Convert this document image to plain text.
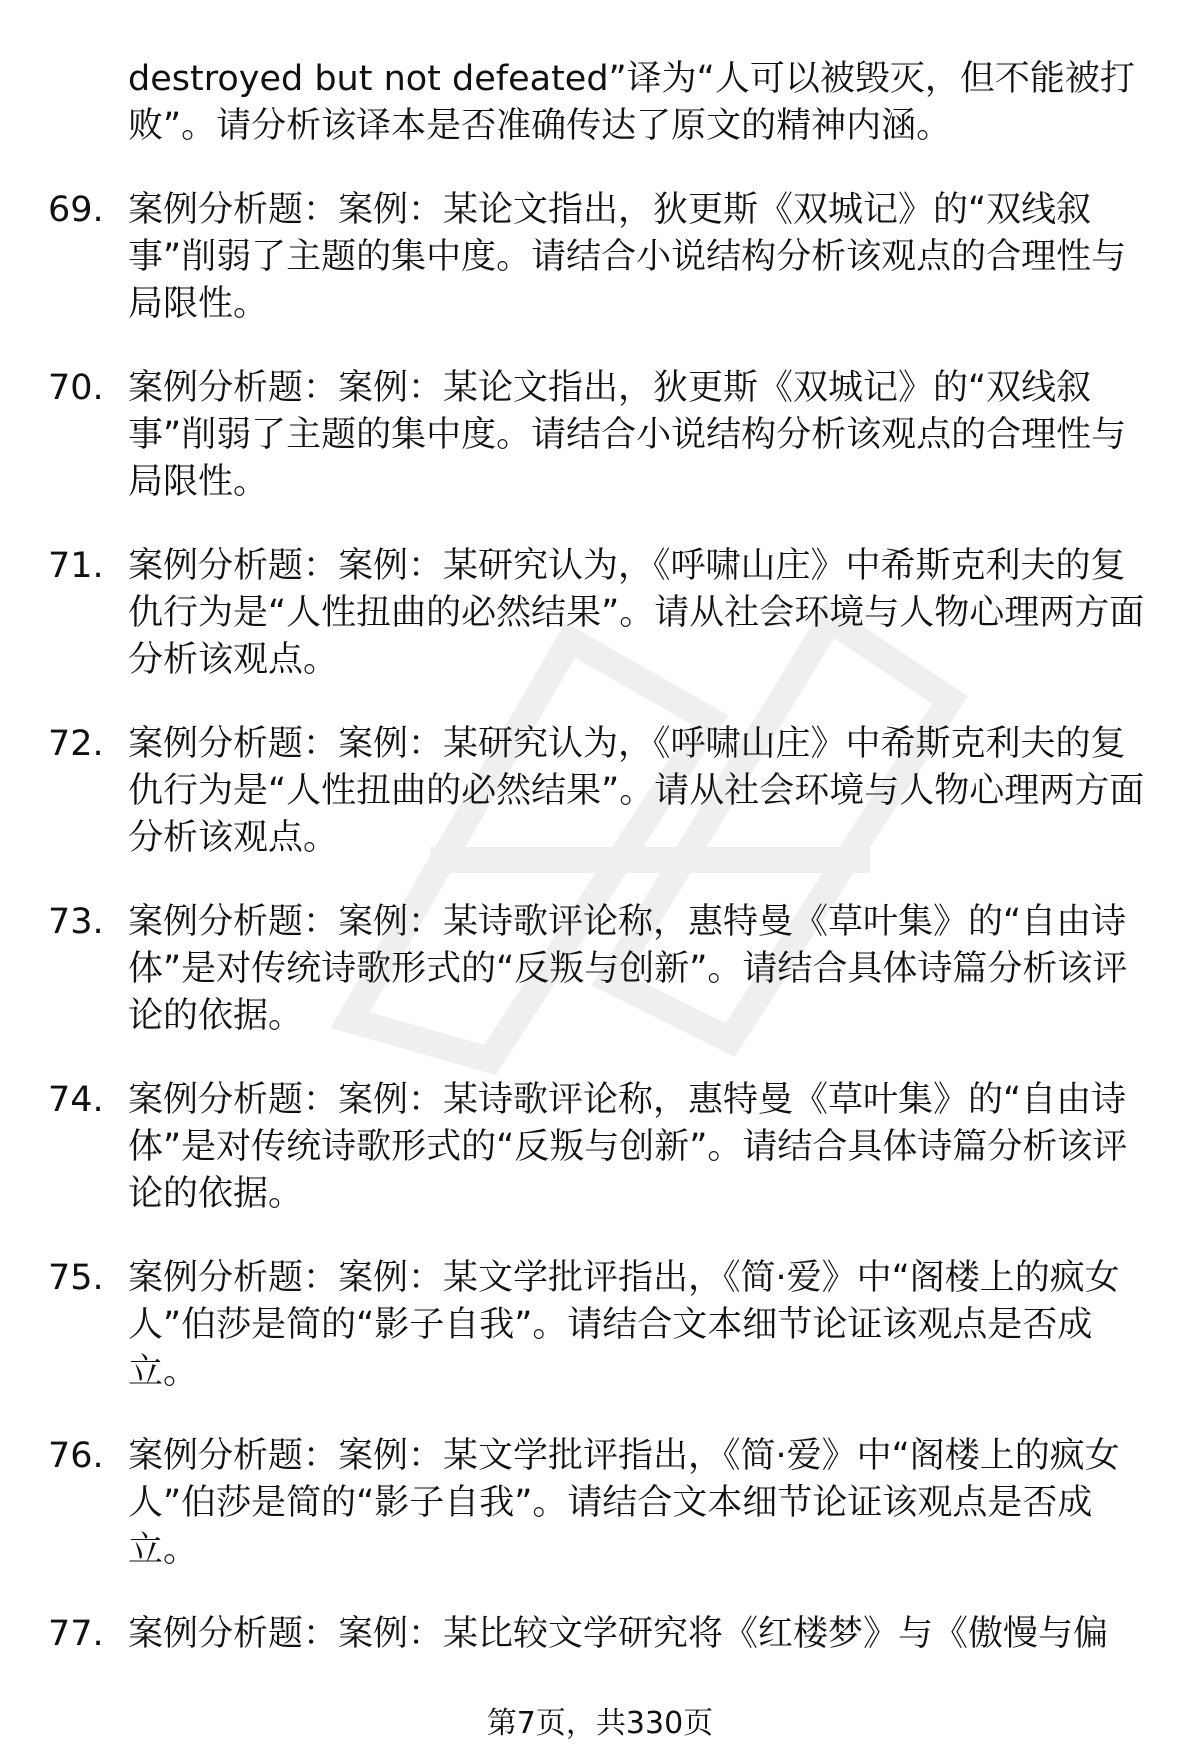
destroyed but not defeated”译为“人可以被毁灭，但不能被打败”。请分析该译本是否准确传达了原文的精神内涵。
69. 案例分析题：案例：某论文指出，狄更斯《双城记》的“双线叙事”削弱了主题的集中度。请结合小说结构分析该观点的合理性与局限性。
70. 案例分析题：案例：某论文指出，狄更斯《双城记》的“双线叙事”削弱了主题的集中度。请结合小说结构分析该观点的合理性与局限性。
71. 案例分析题：案例：某研究认为，《呼啸山庄》中希斯克利夫的复仇行为是“人性扭曲的必然结果”。请从社会环境与人物心理两方面分析该观点。
72. 案例分析题：案例：某研究认为，《呼啸山庄》中希斯克利夫的复仇行为是“人性扭曲的必然结果”。请从社会环境与人物心理两方面分析该观点。
73. 案例分析题：案例：某诗歌评论称，惠特曼《草叶集》的“自由诗体”是对传统诗歌形式的“反叛与创新”。请结合具体诗篇分析该评论的依据。
74. 案例分析题：案例：某诗歌评论称，惠特曼《草叶集》的“自由诗体”是对传统诗歌形式的“反叛与创新”。请结合具体诗篇分析该评论的依据。
75. 案例分析题：案例：某文学批评指出，《简·爱》中“阁楼上的疯女人”伯莎是简的“影子自我”。请结合文本细节论证该观点是否成立。
76. 案例分析题：案例：某文学批评指出，《简·爱》中“阁楼上的疯女人”伯莎是简的“影子自我”。请结合文本细节论证该观点是否成立。
77. 案例分析题：案例：某比较文学研究将《红楼梦》与《傲慢与偏
第7页，共330页
